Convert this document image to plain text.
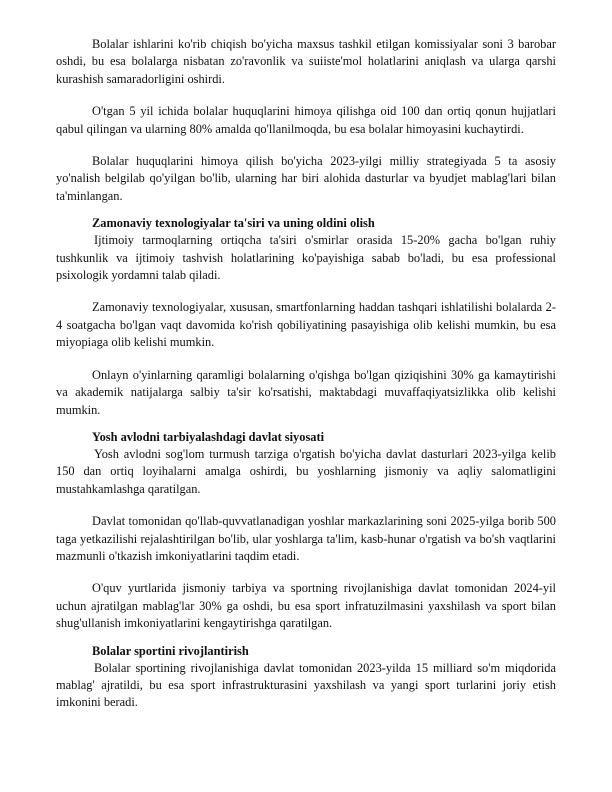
Bolalar ishlarini ko'rib chiqish bo'yicha maxsus tashkil etilgan komissiyalar soni 3 barobar oshdi, bu esa bolalarga nisbatan zo'ravonlik va suiiste'mol holatlarini aniqlash va ularga qarshi kurashish samaradorligini oshirdi.

O'tgan 5 yil ichida bolalar huquqlarini himoya qilishga oid 100 dan ortiq qonun hujjatlari qabul qilingan va ularning 80% amalda qo'llanilmoqda, bu esa bolalar himoyasini kuchaytirdi.

Bolalar huquqlarini himoya qilish bo'yicha 2023-yilgi milliy strategiyada 5 ta asosiy yo'nalish belgilab qo'yilgan bo'lib, ularning har biri alohida dasturlar va byudjet mablag'lari bilan ta'minlangan.

Zamonaviy texnologiyalar ta'siri va uning oldini olish

Ijtimoiy tarmoqlarning ortiqcha ta'siri o'smirlar orasida 15-20% gacha bo'lgan ruhiy tushkunlik va ijtimoiy tashvish holatlarining ko'payishiga sabab bo'ladi, bu esa professional psixologik yordamni talab qiladi.

Zamonaviy texnologiyalar, xususan, smartfonlarning haddan tashqari ishlatilishi bolalarda 2-4 soatgacha bo'lgan vaqt davomida ko'rish qobiliyatining pasayishiga olib kelishi mumkin, bu esa miyopiaga olib kelishi mumkin.

Onlayn o'yinlarning qaramligi bolalarning o'qishga bo'lgan qiziqishini 30% ga kamaytirishi va akademik natijalarga salbiy ta'sir ko'rsatishi, maktabdagi muvaffaqiyatsizlikka olib kelishi mumkin.

Yosh avlodni tarbiyalashdagi davlat siyosati

Yosh avlodni sog'lom turmush tarziga o'rgatish bo'yicha davlat dasturlari 2023-yilga kelib 150 dan ortiq loyihalarni amalga oshirdi, bu yoshlarning jismoniy va aqliy salomatligini mustahkamlashga qaratilgan.

Davlat tomonidan qo'llab-quvvatlanadigan yoshlar markazlarining soni 2025-yilga borib 500 taga yetkazilishi rejalashtirilgan bo'lib, ular yoshlarga ta'lim, kasb-hunar o'rgatish va bo'sh vaqtlarini mazmunli o'tkazish imkoniyatlarini taqdim etadi.

O'quv yurtlarida jismoniy tarbiya va sportning rivojlanishiga davlat tomonidan 2024-yil uchun ajratilgan mablag'lar 30% ga oshdi, bu esa sport infratuzilmasini yaxshilash va sport bilan shug'ullanish imkoniyatlarini kengaytirishga qaratilgan.

Bolalar sportini rivojlantirish

Bolalar sportining rivojlanishiga davlat tomonidan 2023-yilda 15 milliard so'm miqdorida mablag' ajratildi, bu esa sport infrastrukturasini yaxshilash va yangi sport turlarini joriy etish imkonini beradi.
